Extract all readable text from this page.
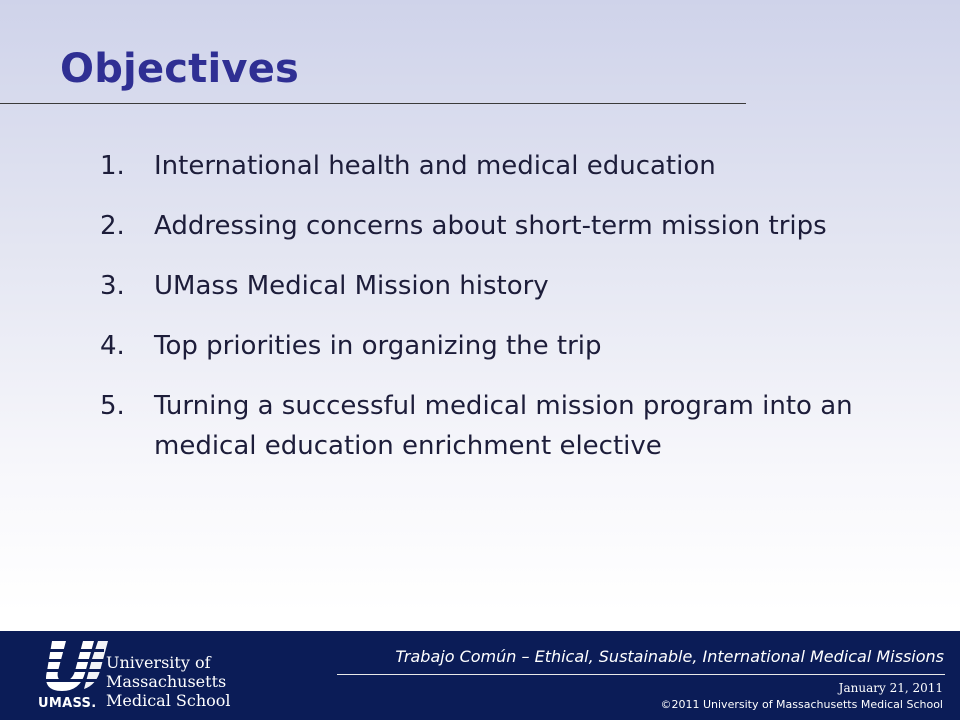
Objectives
1.	International health and medical education
2.	Addressing concerns about short-term mission trips
3.	UMass Medical Mission history
4.	Top priorities in organizing the trip
5.	Turning a successful medical mission program into an medical education enrichment elective
UMASS.
University of
Massachusetts
Medical School
Trabajo Común – Ethical, Sustainable, International Medical Missions
January 21, 2011
©2011 University of Massachusetts Medical School
